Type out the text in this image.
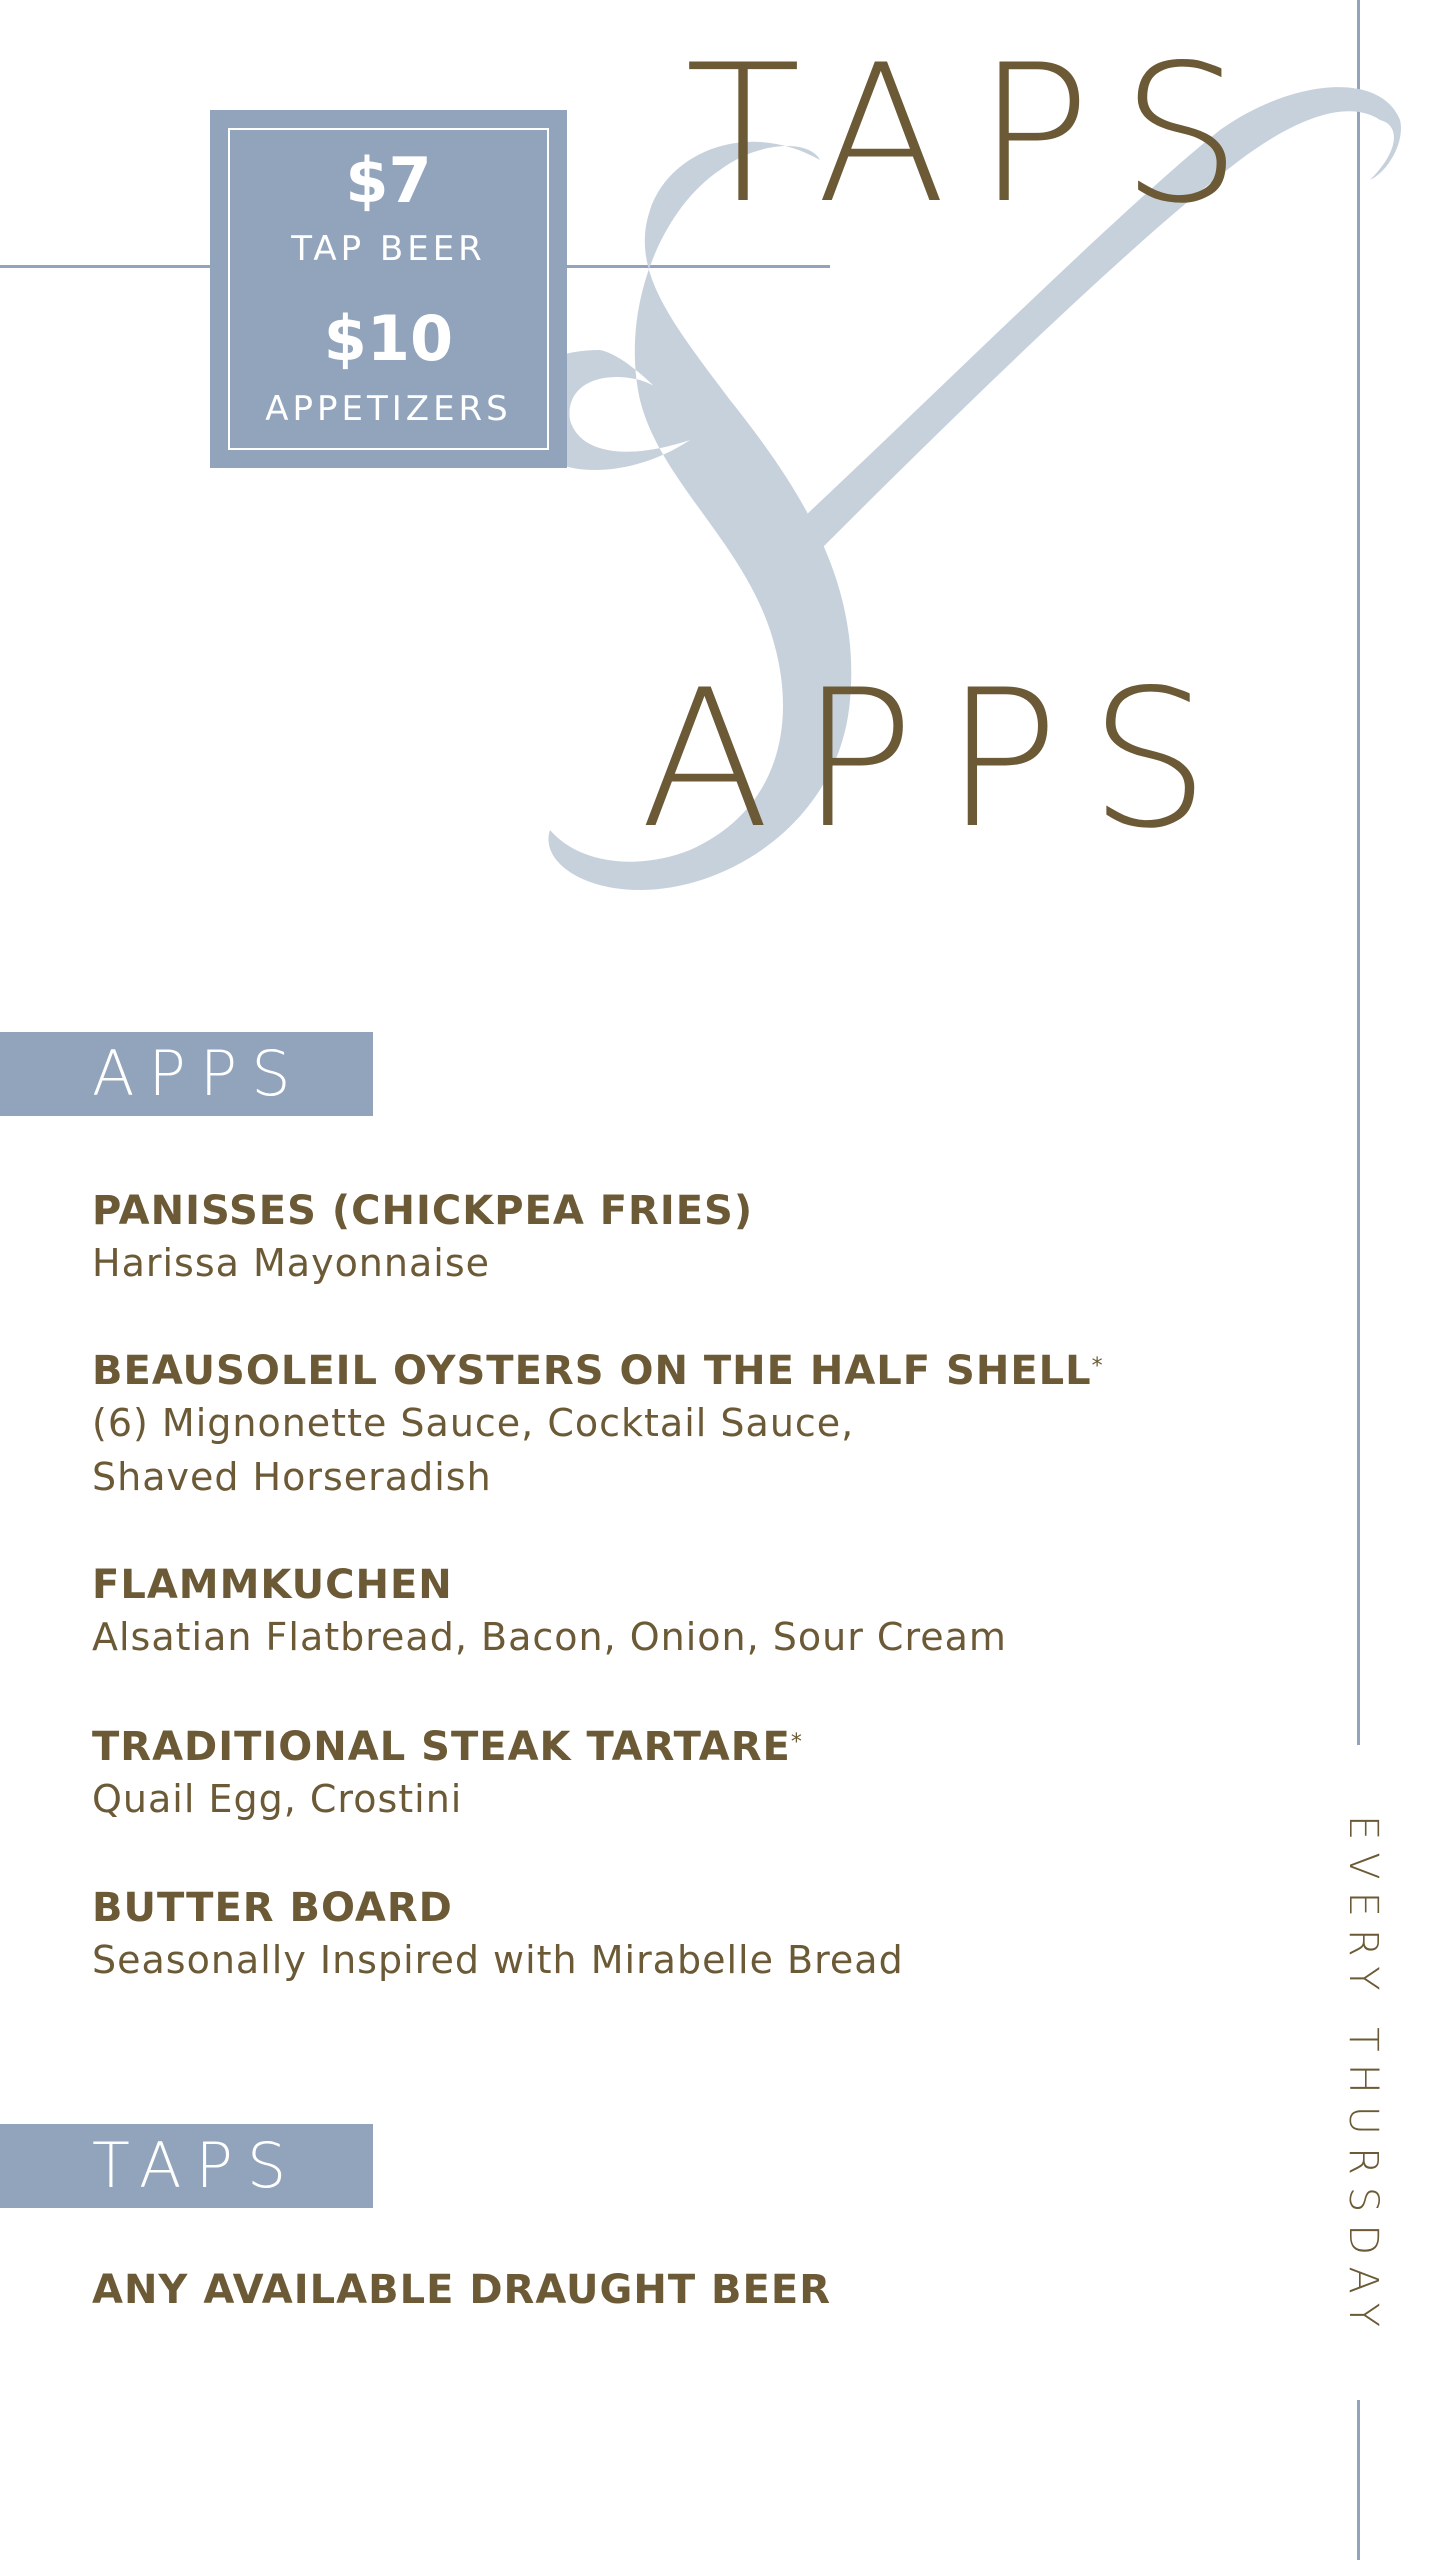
$7
TAP BEER
$10
APPETIZERS
TAPS
APPS
APPS
PANISSES (CHICKPEA FRIES)
Harissa Mayonnaise
BEAUSOLEIL OYSTERS ON THE HALF SHELL*
(6) Mignonette Sauce, Cocktail Sauce,
Shaved Horseradish
FLAMMKUCHEN
Alsatian Flatbread, Bacon, Onion, Sour Cream
TRADITIONAL STEAK TARTARE*
Quail Egg, Crostini
BUTTER BOARD
Seasonally Inspired with Mirabelle Bread
TAPS
ANY AVAILABLE DRAUGHT BEER	EVERY THURSDAY
